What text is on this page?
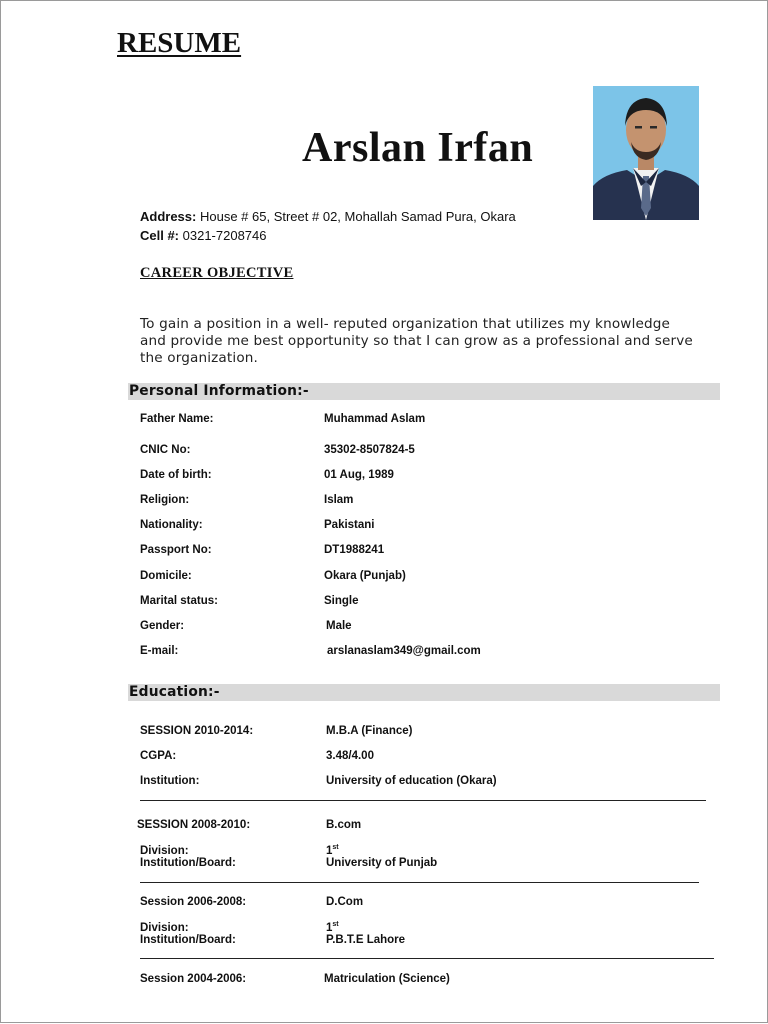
RESUME
Arslan Irfan
Address: House # 65, Street # 02, Mohallah Samad Pura, Okara
Cell #: 0321-7208746
CAREER OBJECTIVE
To gain a position in a well- reputed organization that utilizes my knowledge and provide me best opportunity so that I can grow as a professional and serve the organization.
Personal Information:-
Father Name:	Muhammad Aslam
CNIC No:	35302-8507824-5
Date of birth:	01 Aug, 1989
Religion:	Islam
Nationality:	Pakistani
Passport No:	DT1988241
Domicile:	Okara (Punjab)
Marital status:	Single
Gender:	Male
E-mail:	arslanaslam349@gmail.com
Education:-
SESSION 2010-2014:	M.B.A (Finance)
CGPA:	3.48/4.00
Institution:	University of education (Okara)
SESSION 2008-2010:	B.com
Division:	1st
Institution/Board:	University of Punjab
Session 2006-2008:	D.Com
Division:	1st
Institution/Board:	P.B.T.E Lahore
Session 2004-2006:	Matriculation (Science)
